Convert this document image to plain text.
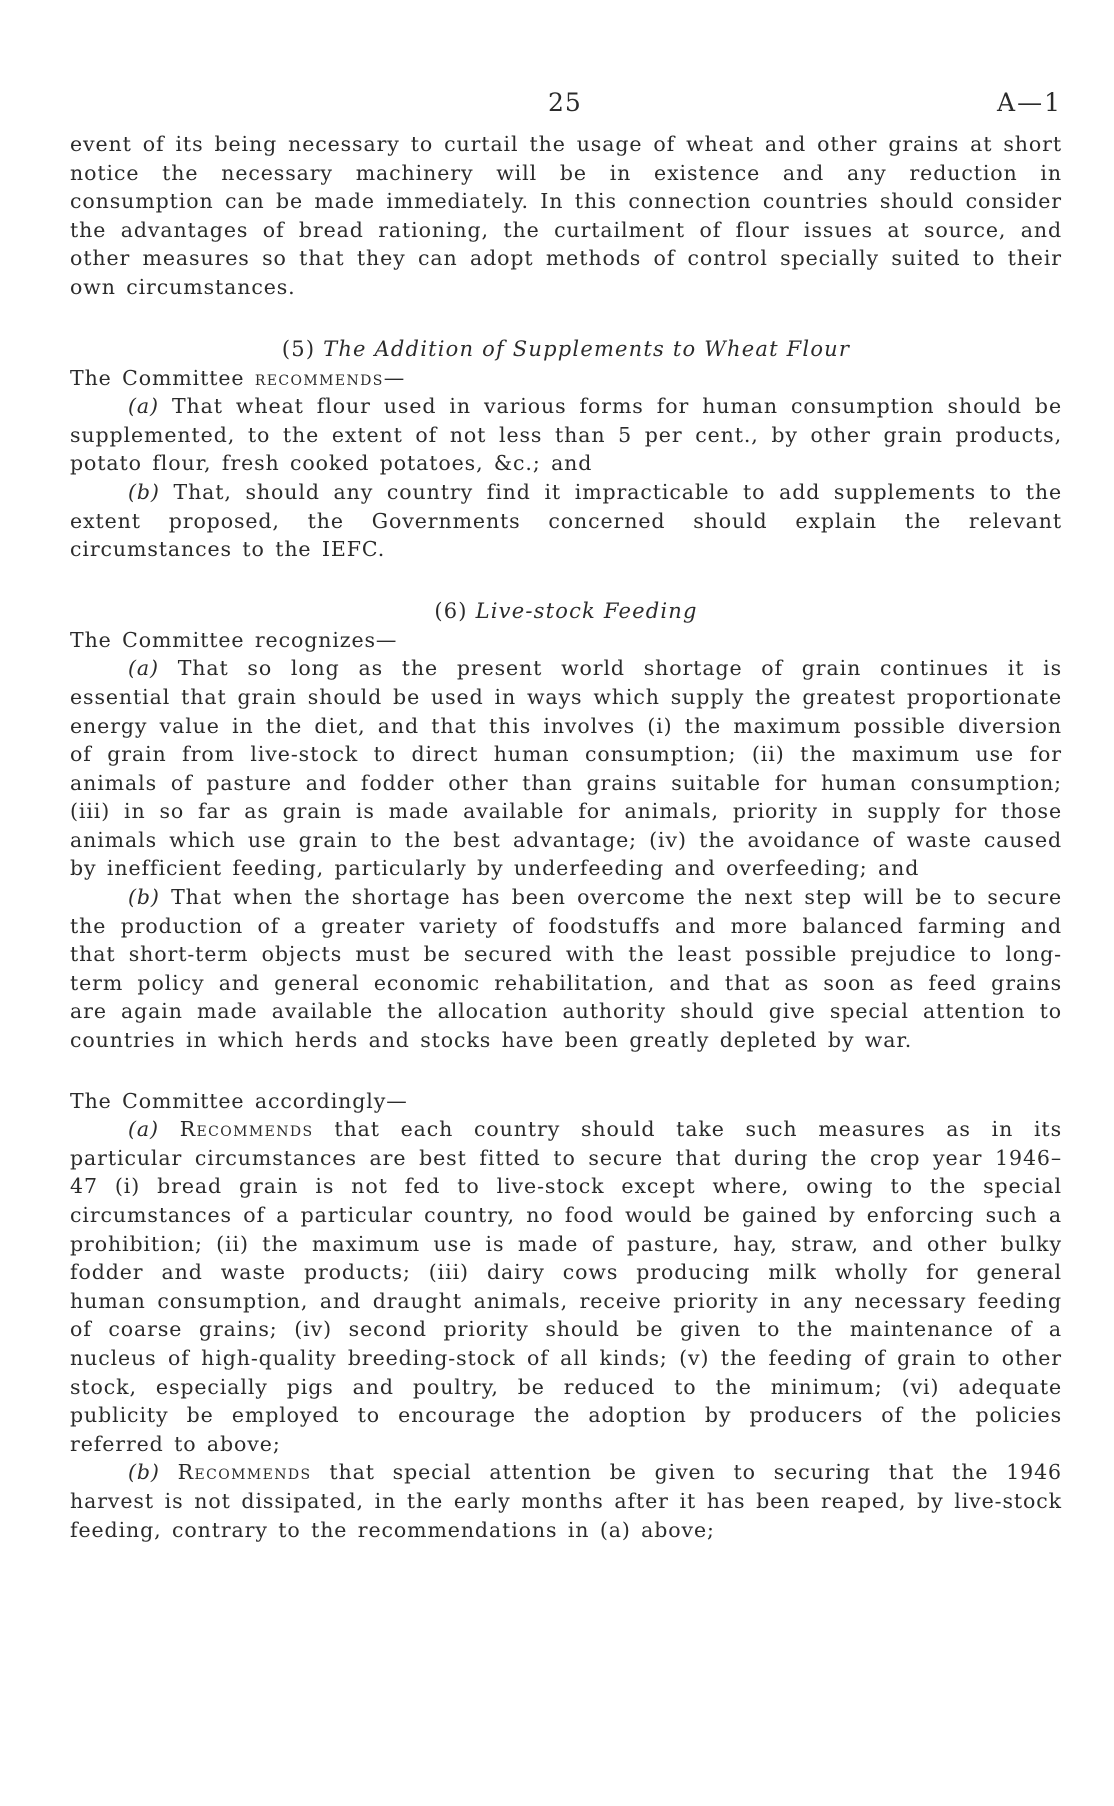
25	A—1

event of its being necessary to curtail the usage of wheat and other grains at short notice the necessary machinery will be in existence and any reduction in consumption can be made immediately. In this connection countries should consider the advantages of bread rationing, the curtailment of flour issues at source, and other measures so that they can adopt methods of control specially suited to their own circumstances.

(5) The Addition of Supplements to Wheat Flour

The Committee recommends—

(a) That wheat flour used in various forms for human consumption should be supplemented, to the extent of not less than 5 per cent., by other grain products, potato flour, fresh cooked potatoes, &c.; and

(b) That, should any country find it impracticable to add supplements to the extent proposed, the Governments concerned should explain the relevant circumstances to the IEFC.

(6) Live-stock Feeding

The Committee recognizes—

(a) That so long as the present world shortage of grain continues it is essential that grain should be used in ways which supply the greatest proportionate energy value in the diet, and that this involves (i) the maximum possible diversion of grain from live-stock to direct human consumption; (ii) the maximum use for animals of pasture and fodder other than grains suitable for human consumption; (iii) in so far as grain is made available for animals, priority in supply for those animals which use grain to the best advantage; (iv) the avoidance of waste caused by inefficient feeding, particularly by underfeeding and overfeeding; and

(b) That when the shortage has been overcome the next step will be to secure the production of a greater variety of foodstuffs and more balanced farming and that short-term objects must be secured with the least possible prejudice to long-term policy and general economic rehabilitation, and that as soon as feed grains are again made available the allocation authority should give special attention to countries in which herds and stocks have been greatly depleted by war.

The Committee accordingly—

(a) Recommends that each country should take such measures as in its particular circumstances are best fitted to secure that during the crop year 1946–47 (i) bread grain is not fed to live-stock except where, owing to the special circumstances of a particular country, no food would be gained by enforcing such a prohibition; (ii) the maximum use is made of pasture, hay, straw, and other bulky fodder and waste products; (iii) dairy cows producing milk wholly for general human consumption, and draught animals, receive priority in any necessary feeding of coarse grains; (iv) second priority should be given to the maintenance of a nucleus of high-quality breeding-stock of all kinds; (v) the feeding of grain to other stock, especially pigs and poultry, be reduced to the minimum; (vi) adequate publicity be employed to encourage the adoption by producers of the policies referred to above;

(b) Recommends that special attention be given to securing that the 1946 harvest is not dissipated, in the early months after it has been reaped, by live-stock feeding, contrary to the recommendations in (a) above;
